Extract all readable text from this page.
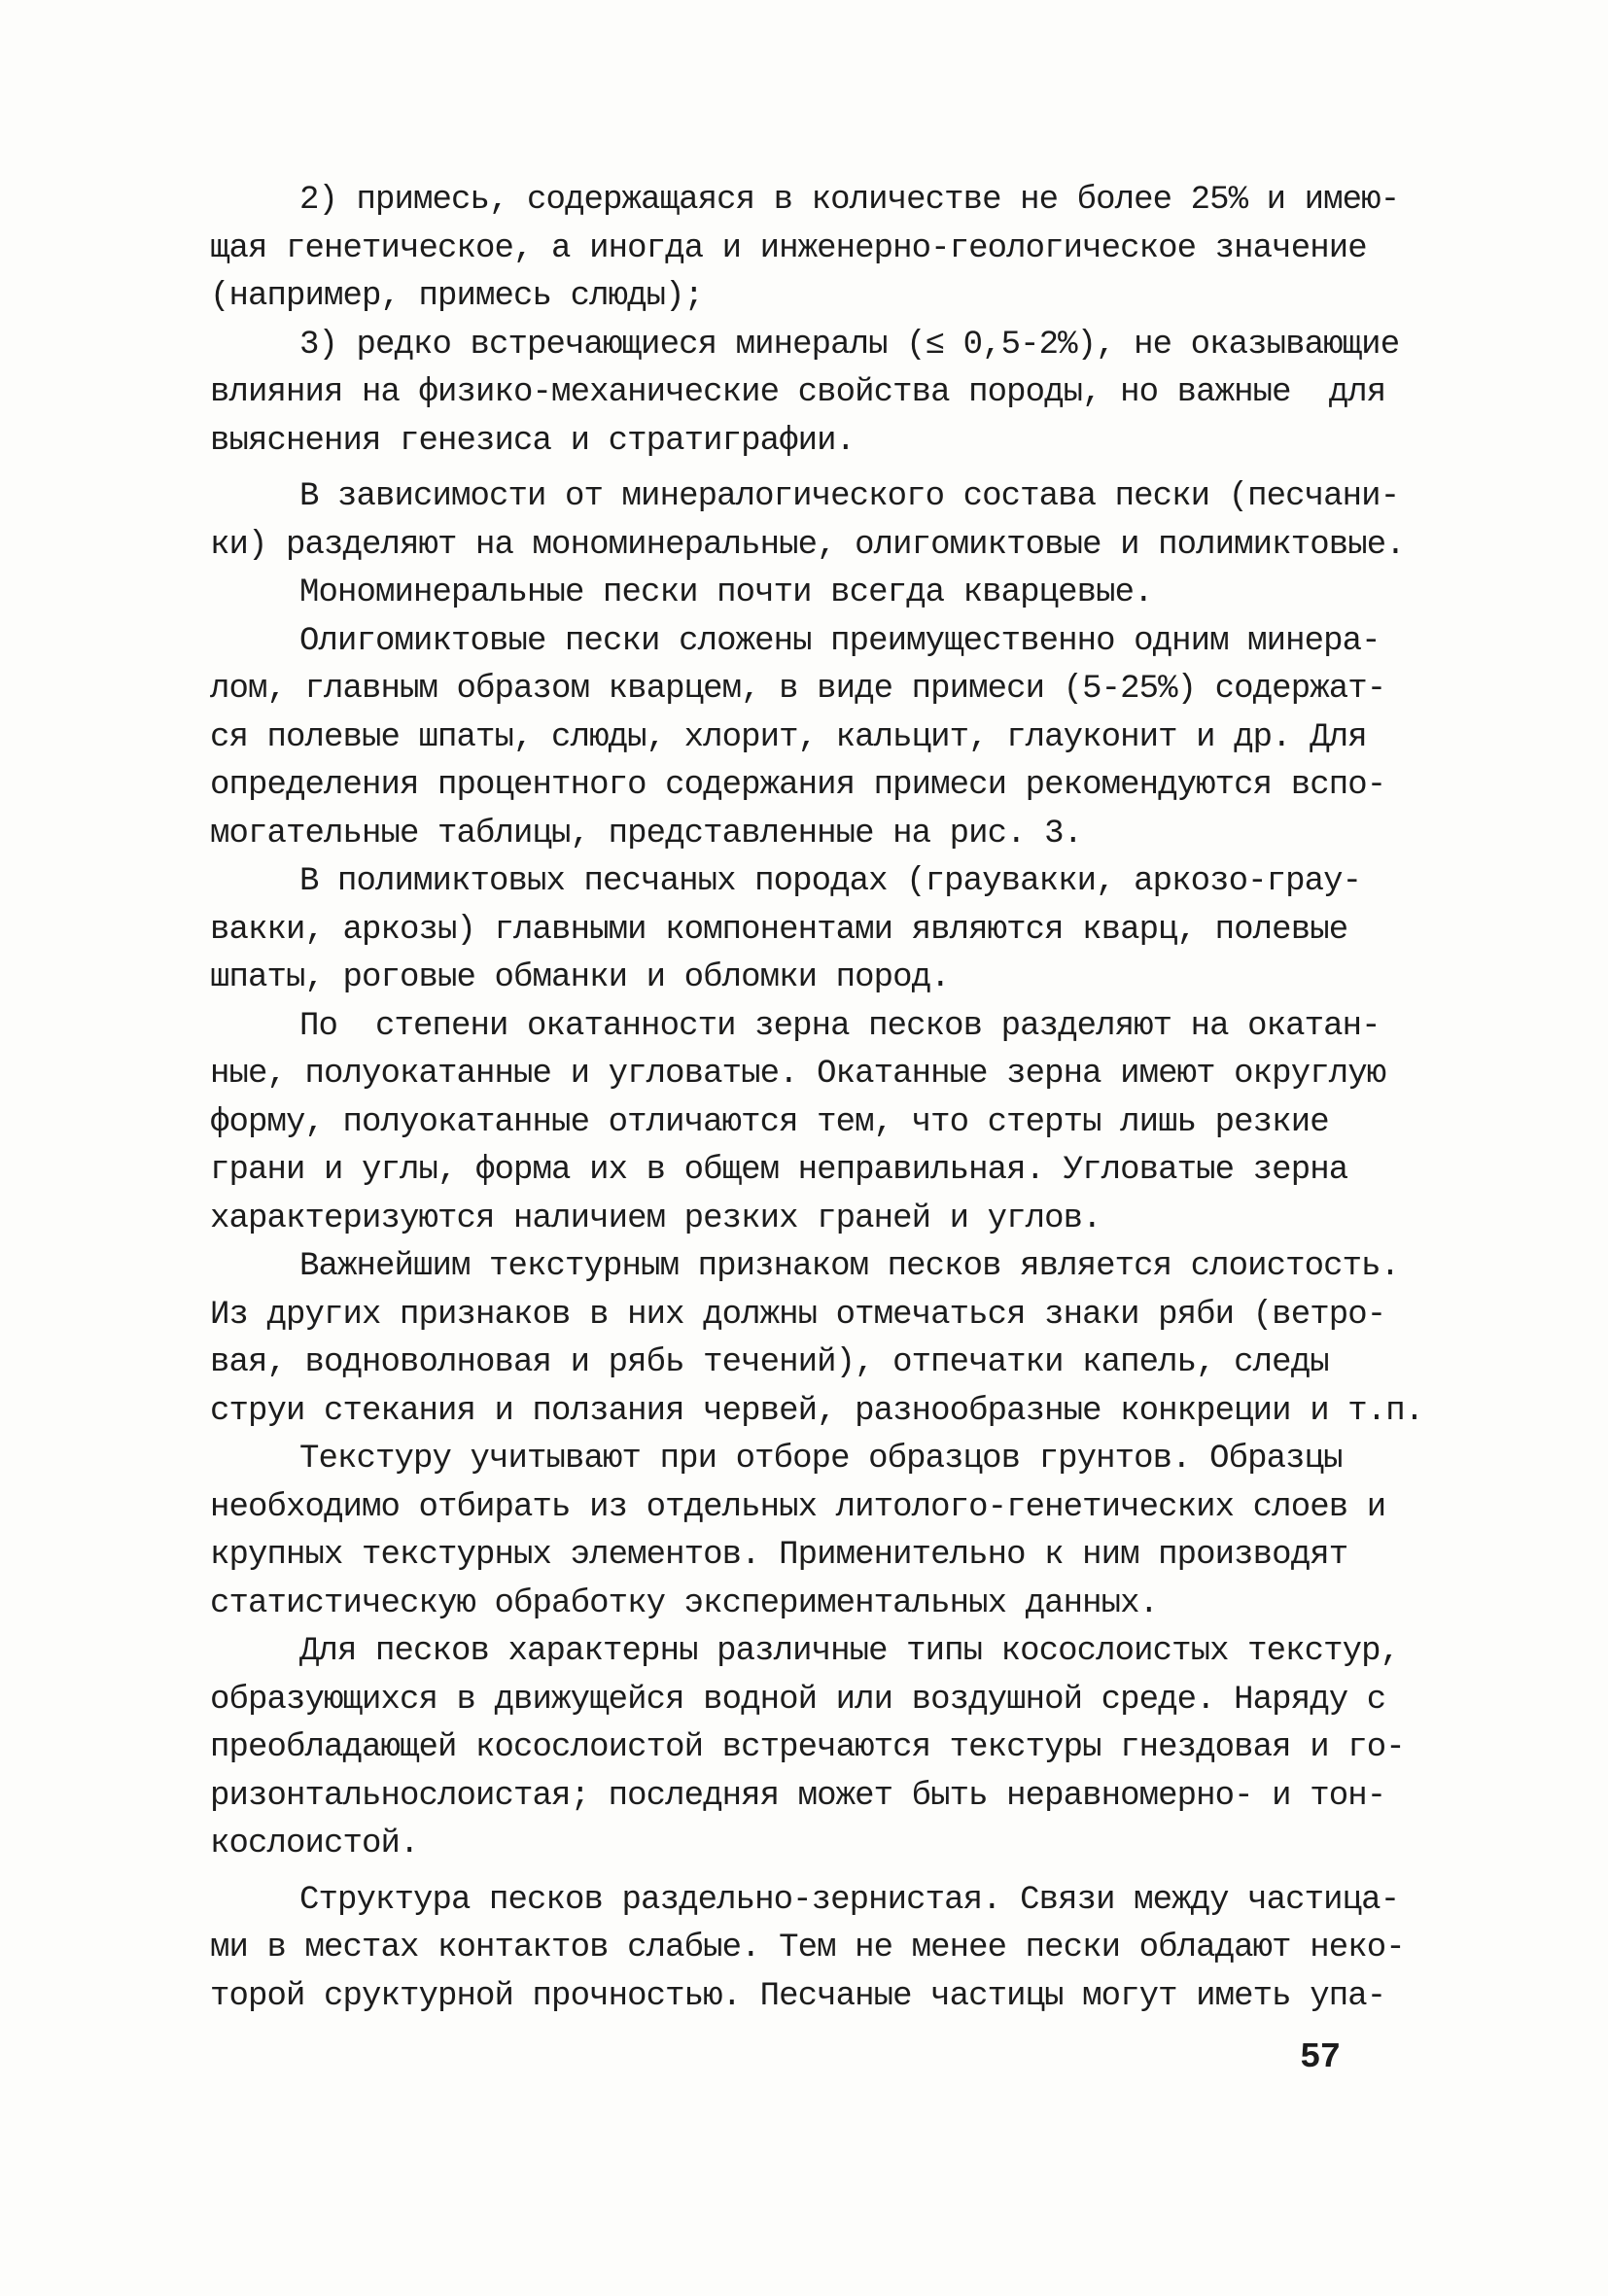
2) примесь, содержащаяся в количестве не более 25% и имею-
щая генетическое, а иногда и инженерно-геологическое значение
(например, примесь слюды);
3) редко встречающиеся минералы (≤ 0,5-2%), не оказывающие
влияния на физико-механические свойства породы, но важные  для
выяснения генезиса и стратиграфии.
В зависимости от минералогического состава пески (песчани-
ки) разделяют на мономинеральные, олигомиктовые и полимиктовые.
Мономинеральные пески почти всегда кварцевые.
Олигомиктовые пески сложены преимущественно одним минера-
лом, главным образом кварцем, в виде примеси (5-25%) содержат-
ся полевые шпаты, слюды, хлорит, кальцит, глауконит и др. Для
определения процентного содержания примеси рекомендуются вспо-
могательные таблицы, представленные на рис. 3.
В полимиктовых песчаных породах (граувакки, аркозо-грау-
вакки, аркозы) главными компонентами являются кварц, полевые
шпаты, роговые обманки и обломки пород.
По  степени окатанности зерна песков разделяют на окатан-
ные, полуокатанные и угловатые. Окатанные зерна имеют округлую
форму, полуокатанные отличаются тем, что стерты лишь резкие
грани и углы, форма их в общем неправильная. Угловатые зерна
характеризуются наличием резких граней и углов.
Важнейшим текстурным признаком песков является слоистость.
Из других признаков в них должны отмечаться знаки ряби (ветро-
вая, водноволновая и рябь течений), отпечатки капель, следы
струи стекания и ползания червей, разнообразные конкреции и т.п.
Текстуру учитывают при отборе образцов грунтов. Образцы
необходимо отбирать из отдельных литолого-генетических слоев и
крупных текстурных элементов. Применительно к ним производят
статистическую обработку экспериментальных данных.
Для песков характерны различные типы косослоистых текстур,
образующихся в движущейся водной или воздушной среде. Наряду с
преобладающей косослоистой встречаются текстуры гнездовая и го-
ризонтальнослоистая; последняя может быть неравномерно- и тон-
кослоистой.
Структура песков раздельно-зернистая. Связи между частица-
ми в местах контактов слабые. Тем не менее пески обладают неко-
торой сруктурной прочностью. Песчаные частицы могут иметь упа-
57
